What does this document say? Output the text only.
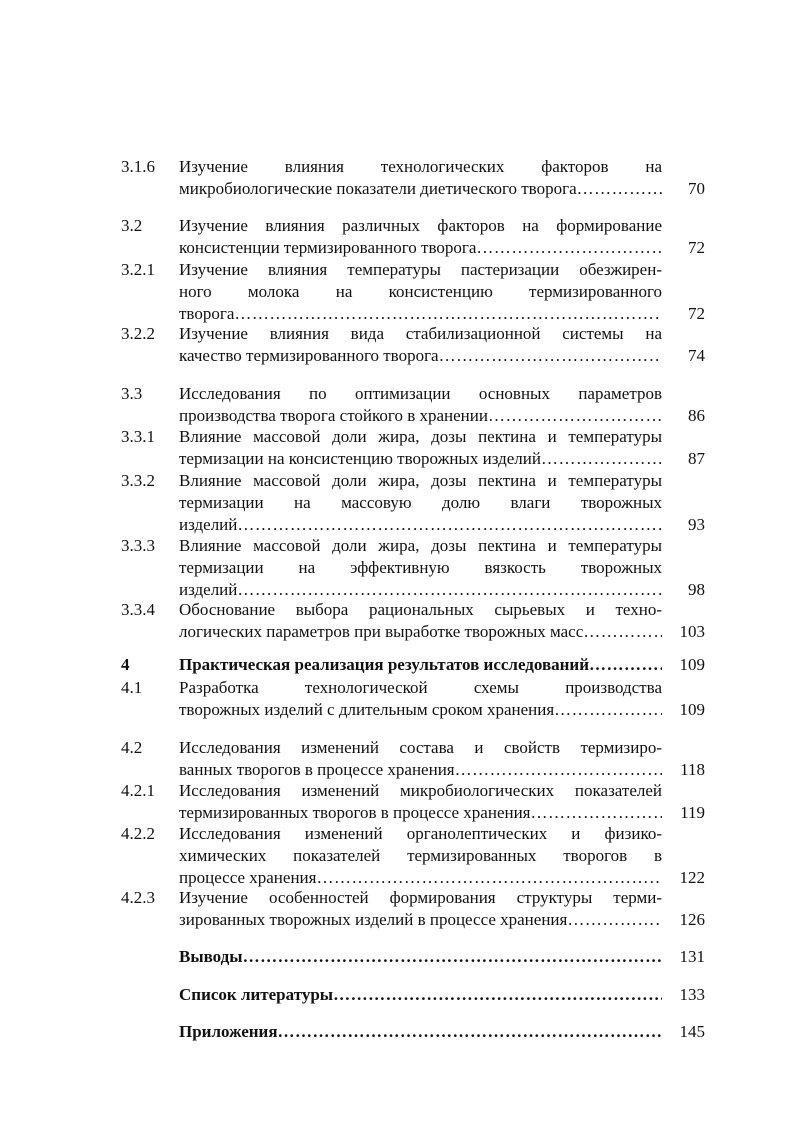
3.1.6 Изучение влияния технологических факторов на
микробиологические показатели диетического творога ……………………………………………………………………………………………………………………………………………………………	70
3.2 Изучение влияния различных факторов на формирование
консистенции термизированного творога ……………………………………………………………………………………………………………………………………………………………	72
3.2.1 Изучение влияния температуры пастеризации обезжирен-
ного молока на консистенцию термизированного
творога ……………………………………………………………………………………………………………………………………………………………	72
3.2.2 Изучение влияния вида стабилизационной системы на
качество термизированного творога ……………………………………………………………………………………………………………………………………………………………	74
3.3 Исследования по оптимизации основных параметров
производства творога стойкого в хранении ……………………………………………………………………………………………………………………………………………………………	86
3.3.1 Влияние массовой доли жира, дозы пектина и температуры
термизации на консистенцию творожных изделий ……………………………………………………………………………………………………………………………………………………………	87
3.3.2 Влияние массовой доли жира, дозы пектина и температуры
термизации на массовую долю влаги творожных
изделий ……………………………………………………………………………………………………………………………………………………………	93
3.3.3 Влияние массовой доли жира, дозы пектина и температуры
термизации на эффективную вязкость творожных
изделий ……………………………………………………………………………………………………………………………………………………………	98
3.3.4 Обоснование выбора рациональных сырьевых и техно-
логических параметров при выработке творожных масс ……………………………………………………………………………………………………………………………………………………………	103
4	Практическая реализация результатов исследований ……………………………………………………………………………………………………………………………………………………………	109
4.1 Разработка технологической схемы производства
творожных изделий с длительным сроком хранения ……………………………………………………………………………………………………………………………………………………………	109
4.2 Исследования изменений состава и свойств термизиро-
ванных творогов в процессе хранения ……………………………………………………………………………………………………………………………………………………………	118
4.2.1 Исследования изменений микробиологических показателей
термизированных творогов в процессе хранения ……………………………………………………………………………………………………………………………………………………………	119
4.2.2 Исследования изменений органолептических и физико-
химических показателей термизированных творогов в
процессе хранения ……………………………………………………………………………………………………………………………………………………………	122
4.2.3 Изучение особенностей формирования структуры терми-
зированных творожных изделий в процессе хранения ……………………………………………………………………………………………………………………………………………………………	126
Выводы ……………………………………………………………………………………………………………………………………………………………	131
Список литературы ……………………………………………………………………………………………………………………………………………………………	133
Приложения ……………………………………………………………………………………………………………………………………………………………	145
